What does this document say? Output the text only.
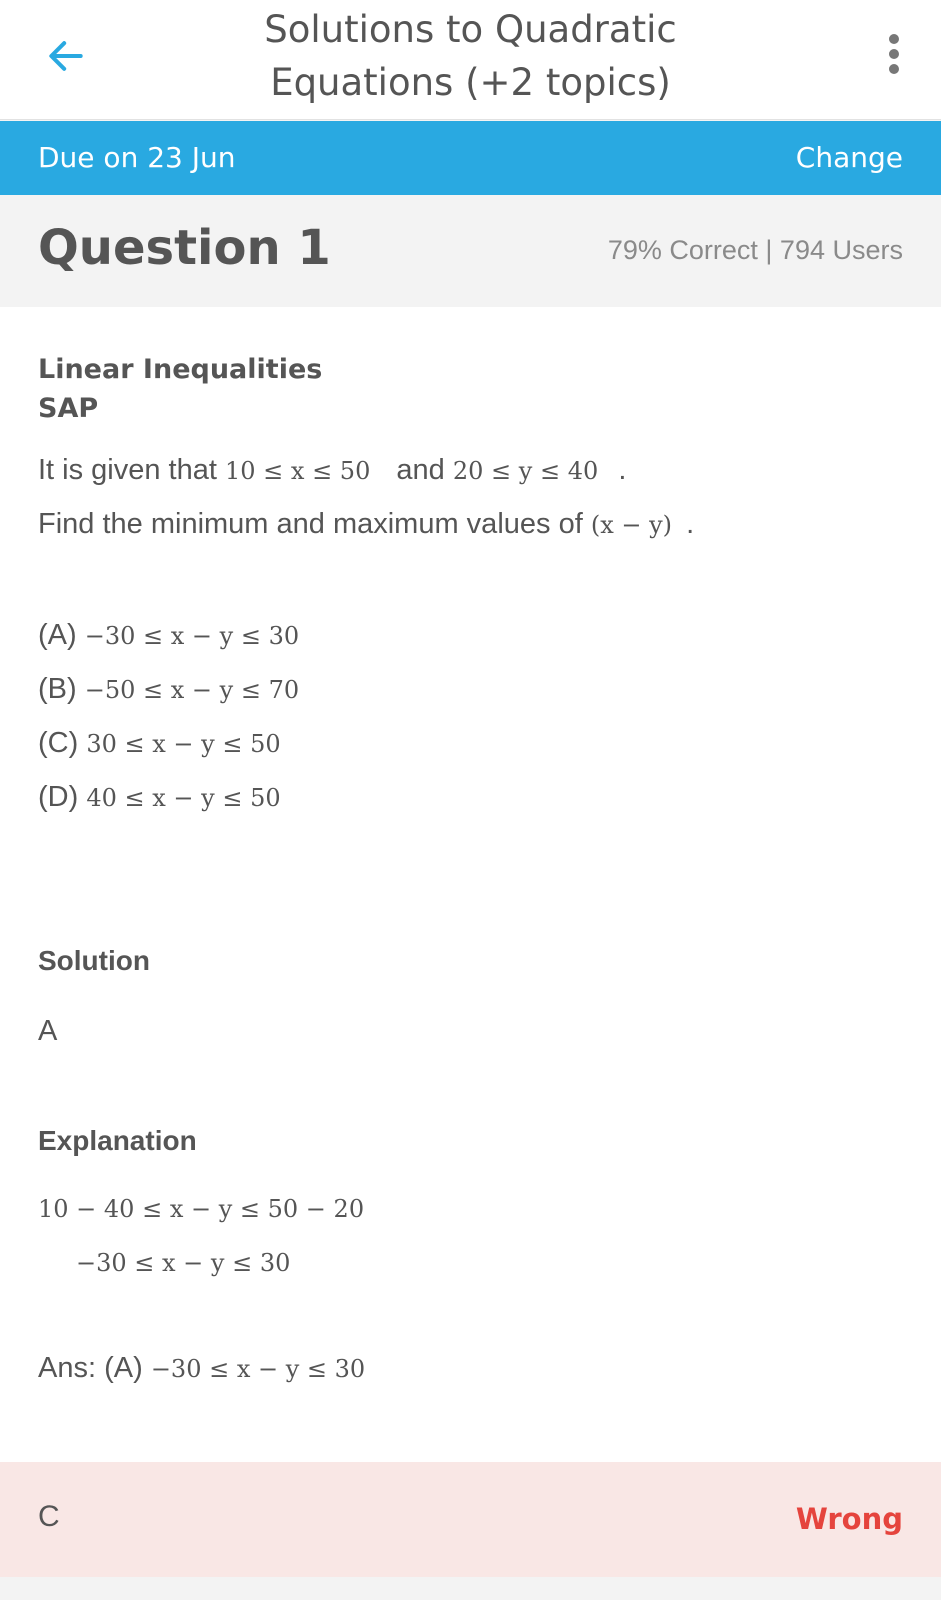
Solutions to Quadratic
Equations (+2 topics)
Due on 23 Jun	Change
Question 1	79% Correct | 794 Users
Linear Inequalities
SAP
It is given that 10 ≤ x ≤ 50 and 20 ≤ y ≤ 40 .
Find the minimum and maximum values of (x − y) .
(A) −30 ≤ x − y ≤ 30
(B) −50 ≤ x − y ≤ 70
(C) 30 ≤ x − y ≤ 50
(D) 40 ≤ x − y ≤ 50
Solution
A
Explanation
10 − 40 ≤ x − y ≤ 50 − 20
−30 ≤ x − y ≤ 30
Ans: (A) −30 ≤ x − y ≤ 30
C	Wrong
